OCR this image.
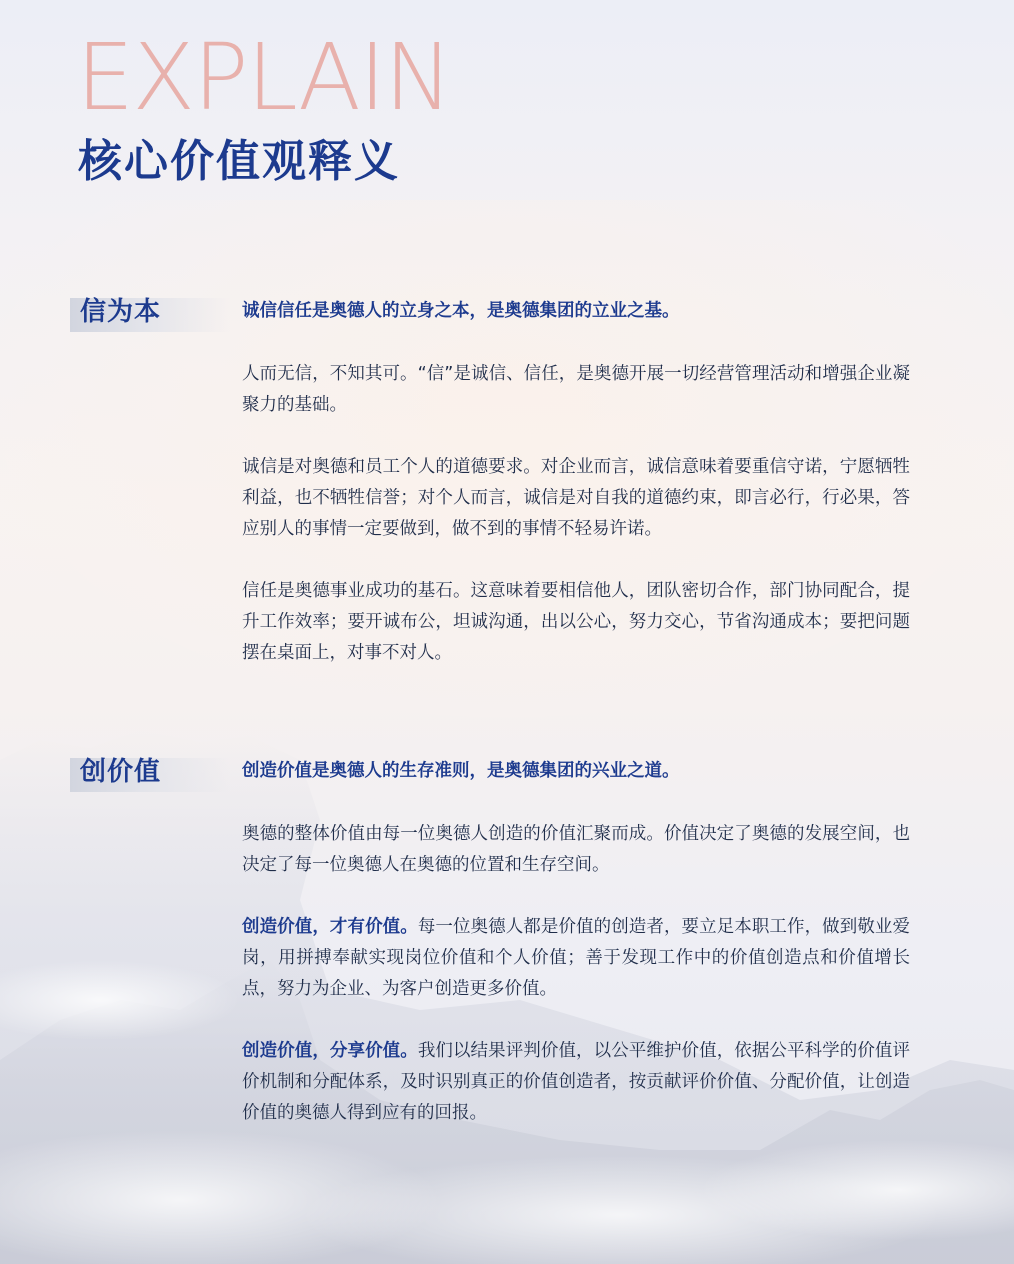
EXPLAIN
核心价值观释义
信为本	诚信信任是奥德人的立身之本，是奥德集团的立业之基。

人而无信，不知其可。“信”是诚信、信任，是奥德开展一切经营管理活动和增强企业凝聚力的基础。

诚信是对奥德和员工个人的道德要求。对企业而言，诚信意味着要重信守诺，宁愿牺牲利益，也不牺牲信誉；对个人而言，诚信是对自我的道德约束，即言必行，行必果，答应别人的事情一定要做到，做不到的事情不轻易许诺。

信任是奥德事业成功的基石。这意味着要相信他人，团队密切合作，部门协同配合，提升工作效率；要开诚布公，坦诚沟通，出以公心，努力交心，节省沟通成本；要把问题摆在桌面上，对事不对人。

创价值	创造价值是奥德人的生存准则，是奥德集团的兴业之道。

奥德的整体价值由每一位奥德人创造的价值汇聚而成。价值决定了奥德的发展空间，也决定了每一位奥德人在奥德的位置和生存空间。

创造价值，才有价值。每一位奥德人都是价值的创造者，要立足本职工作，做到敬业爱岗，用拼搏奉献实现岗位价值和个人价值；善于发现工作中的价值创造点和价值增长点，努力为企业、为客户创造更多价值。

创造价值，分享价值。我们以结果评判价值，以公平维护价值，依据公平科学的价值评价机制和分配体系，及时识别真正的价值创造者，按贡献评价价值、分配价值，让创造价值的奥德人得到应有的回报。
